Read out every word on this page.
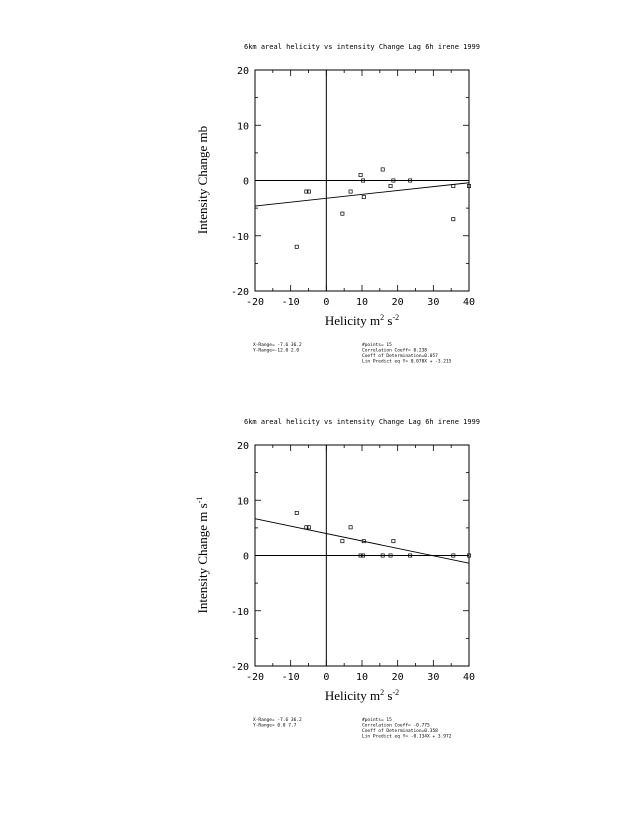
6km areal helicity vs intensity Change Lag 6h irene 1999
-20 -10 0	10 20 30 40
-20
-10
0
10
20
Helicity $m^2$ $s^{-2}$
Intensity Change mb
X-Range= -7.6 36.2
Y-Range=-12.0 2.0
#points= 15
Correlation Coeff= 0.238
Coeff of Determination=0.057
Lin Predict eq Y= 0.070X + -3.215
6km areal helicity vs intensity Change Lag 6h irene 1999
-20 -10 0	10 20 30 40
-20
-10
0
10
20
Helicity $m^2$ $s^{-2}$
Intensity Change m $s^{-1}$
X-Range= -7.6 36.2
Y-Range= 0.0 7.7
#points= 15
Correlation Coeff= -0.775
Coeff of Determination=0.358
Lin Predict eq Y= -0.134X + 3.972
